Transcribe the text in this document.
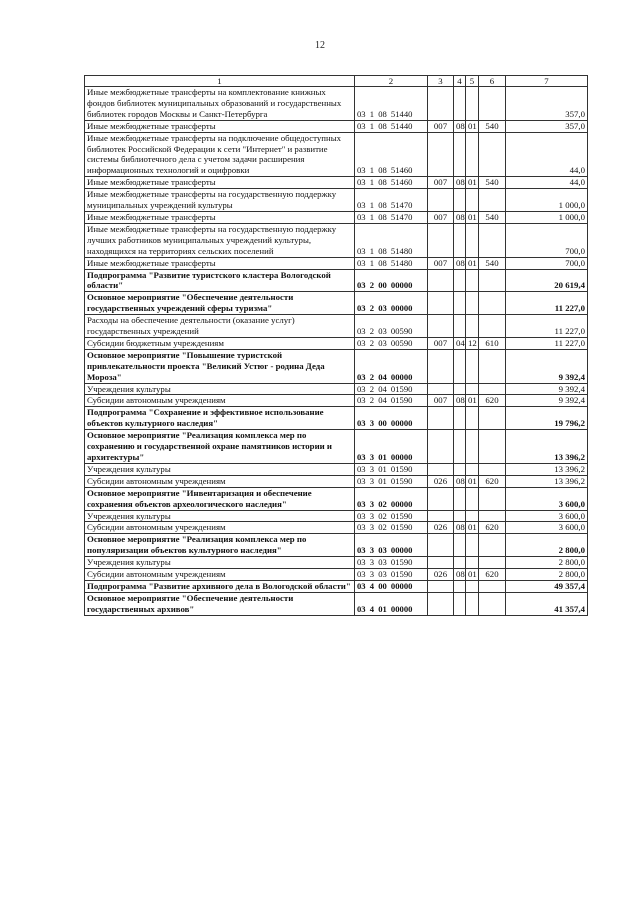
12
1	2	3	4	5	6	7
Иные межбюджетные трансферты на комплектование книжных фондов библиотек муниципальных образований и государственных библиотек городов Москвы и Санкт-Петербурга	03 1 08 51440					357,0
Иные межбюджетные трансферты	03 1 08 51440	007	08	01	540	357,0
Иные межбюджетные трансферты на подключение общедоступных библиотек Российской Федерации к сети "Интернет" и развитие системы библиотечного дела с учетом задачи расширения информационных технологий и оцифровки	03 1 08 51460					44,0
Иные межбюджетные трансферты	03 1 08 51460	007	08	01	540	44,0
Иные межбюджетные трансферты на государственную поддержку муниципальных учреждений культуры	03 1 08 51470					1 000,0
Иные межбюджетные трансферты	03 1 08 51470	007	08	01	540	1 000,0
Иные межбюджетные трансферты на государственную поддержку лучших работников муниципальных учреждений культуры, находящихся на территориях сельских поселений	03 1 08 51480					700,0
Иные межбюджетные трансферты	03 1 08 51480	007	08	01	540	700,0
Подпрограмма "Развитие туристского кластера Вологодской области"	03 2 00 00000					20 619,4
Основное мероприятие "Обеспечение деятельности государственных учреждений сферы туризма"	03 2 03 00000					11 227,0
Расходы на обеспечение деятельности (оказание услуг) государственных учреждений	03 2 03 00590					11 227,0
Субсидии бюджетным учреждениям	03 2 03 00590	007	04	12	610	11 227,0
Основное мероприятие "Повышение туристской привлекательности проекта "Великий Устюг - родина Деда Мороза"	03 2 04 00000					9 392,4
Учреждения культуры	03 2 04 01590					9 392,4
Субсидии автономным учреждениям	03 2 04 01590	007	08	01	620	9 392,4
Подпрограмма "Сохранение и эффективное использование объектов культурного наследия"	03 3 00 00000					19 796,2
Основное мероприятие "Реализация комплекса мер по сохранению и государственной охране памятников истории и архитектуры"	03 3 01 00000					13 396,2
Учреждения культуры	03 3 01 01590					13 396,2
Субсидии автономным учреждениям	03 3 01 01590	026	08	01	620	13 396,2
Основное мероприятие "Инвентаризация и обеспечение сохранения объектов археологического наследия"	03 3 02 00000					3 600,0
Учреждения культуры	03 3 02 01590					3 600,0
Субсидии автономным учреждениям	03 3 02 01590	026	08	01	620	3 600,0
Основное мероприятие "Реализация комплекса мер по популяризации объектов культурного наследия"	03 3 03 00000					2 800,0
Учреждения культуры	03 3 03 01590					2 800,0
Субсидии автономным учреждениям	03 3 03 01590	026	08	01	620	2 800,0
Подпрограмма "Развитие архивного дела в Вологодской области"	03 4 00 00000					49 357,4
Основное мероприятие "Обеспечение деятельности государственных архивов"	03 4 01 00000					41 357,4
